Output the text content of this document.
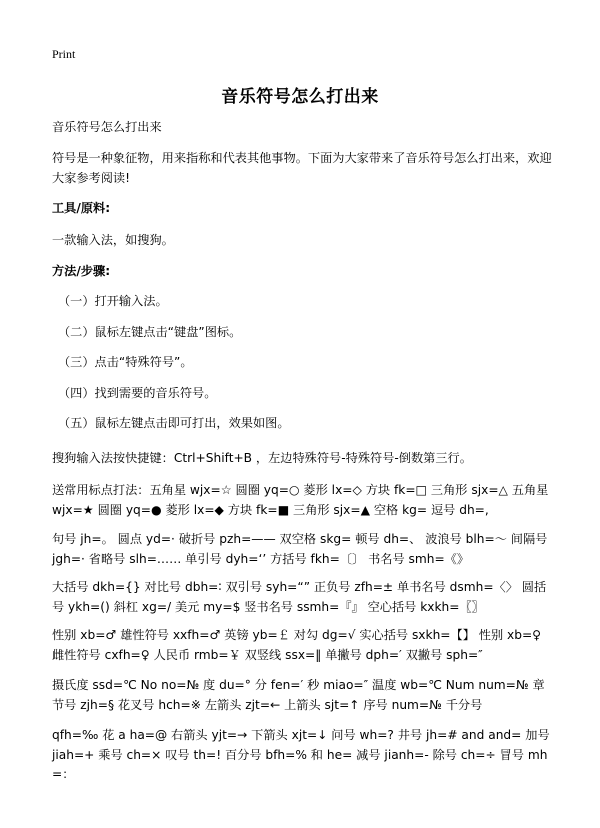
Print
音乐符号怎么打出来
音乐符号怎么打出来
符号是一种象征物，用来指称和代表其他事物。下面为大家带来了音乐符号怎么打出来，欢迎大家参考阅读!
工具/原料:
一款输入法，如搜狗。
方法/步骤:
（一）打开输入法。
（二）鼠标左键点击“键盘”图标。
（三）点击“特殊符号”。
（四）找到需要的音乐符号。
（五）鼠标左键点击即可打出，效果如图。
搜狗输入法按快捷键：Ctrl+Shift+B ，左边特殊符号-特殊符号-倒数第三行。
送常用标点打法：五角星 wjx=☆ 圆圈 yq=○ 菱形 lx=◇ 方块 fk=□ 三角形 sjx=△ 五角星 wjx=★ 圆圈 yq=● 菱形 lx=◆ 方块 fk=■ 三角形 sjx=▲ 空格 kg= 逗号 dh=,
句号 jh=。 圆点 yd=· 破折号 pzh=—— 双空格 skg= 顿号 dh=、 波浪号 blh=～ 间隔号 jgh=· 省略号 slh=…… 单引号 dyh=‘’ 方括号 fkh=〔〕 书名号 smh=《》
大括号 dkh={} 对比号 dbh=∶ 双引号 syh=“” 正负号 zfh=± 单书名号 dsmh=〈〉 圆括号 ykh=() 斜杠 xg=/ 美元 my=$ 竖书名号 ssmh=『』 空心括号 kxkh=〖〗
性别 xb=♂ 雄性符号 xxfh=♂ 英镑 yb=￡ 对勾 dg=√ 实心括号 sxkh=【】 性别 xb=♀ 雌性符号 cxfh=♀ 人民币 rmb=￥ 双竖线 ssx=‖ 单撇号 dph=′ 双撇号 sph=″
摄氏度 ssd=℃ No no=№ 度 du=° 分 fen=′ 秒 miao=″ 温度 wb=℃ Num num=№ 章节号 zjh=§ 花叉号 hch=※ 左箭头 zjt=← 上箭头 sjt=↑ 序号 num=№ 千分号
qfh=‰ 花 a ha=@ 右箭头 yjt=→ 下箭头 xjt=↓ 问号 wh=? 井号 jh=# and and= 加号 jiah=+ 乘号 ch=× 叹号 th=! 百分号 bfh=% 和 he= 减号 jianh=- 除号 ch=÷ 冒号 mh=：
